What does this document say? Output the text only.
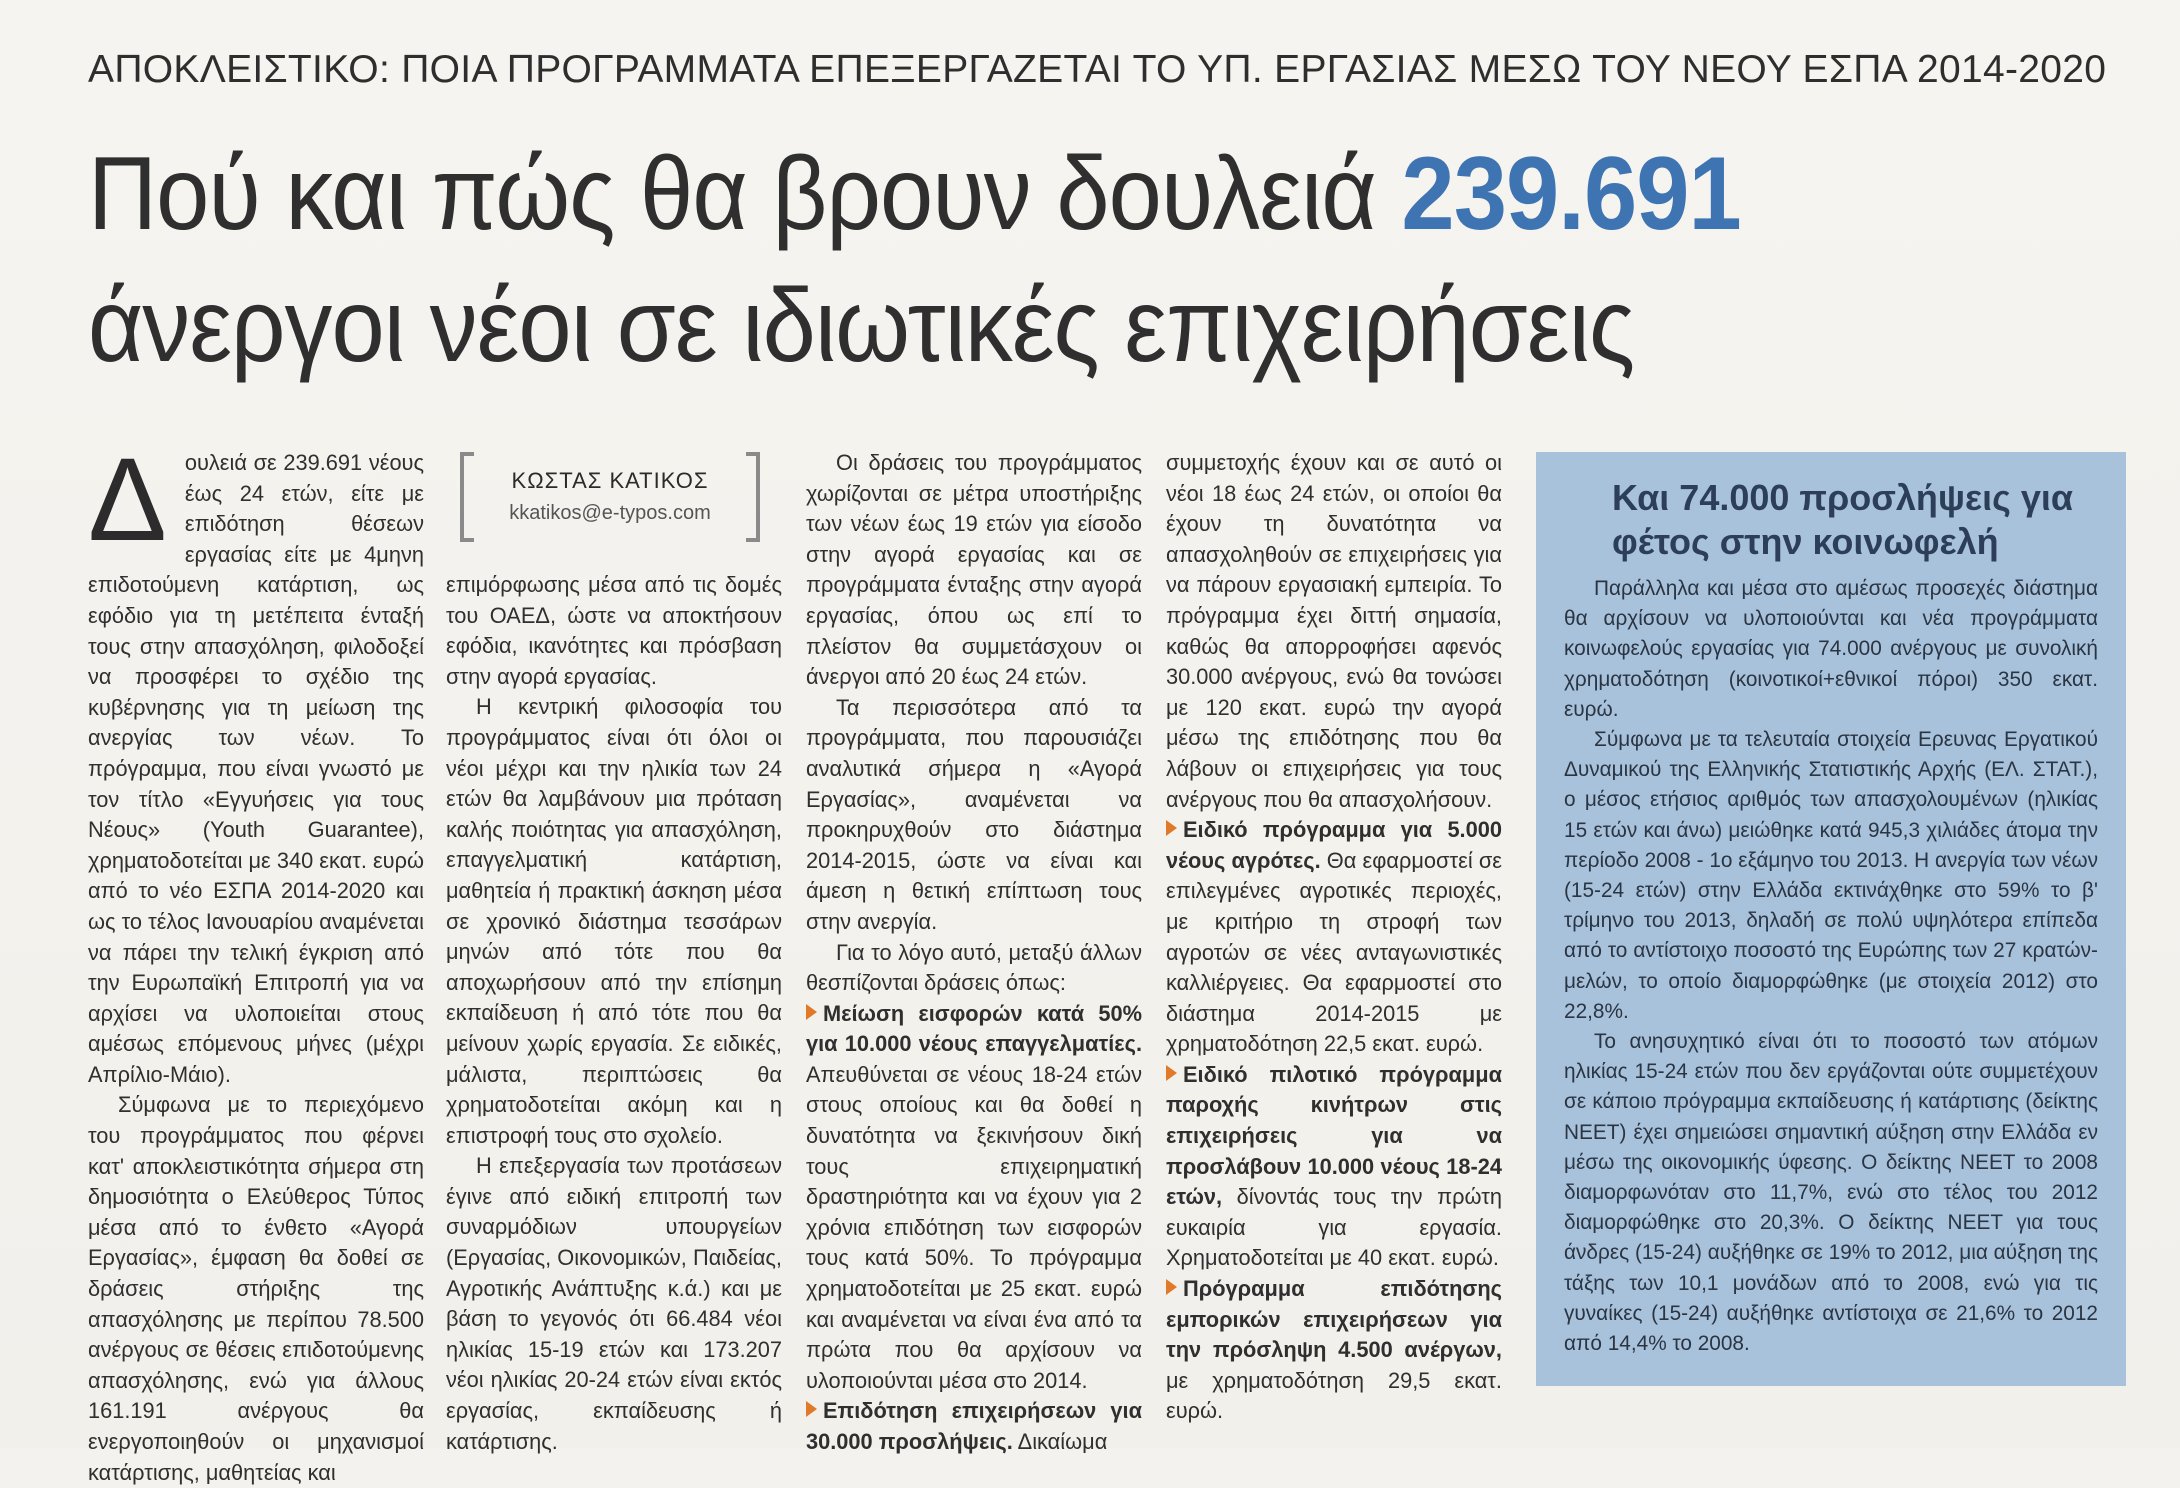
ΑΠΟΚΛΕΙΣΤΙΚΟ: ΠΟΙΑ ΠΡΟΓΡΑΜΜΑΤΑ ΕΠΕΞΕΡΓΑΖΕΤΑΙ ΤΟ ΥΠ. ΕΡΓΑΣΙΑΣ ΜΕΣΩ ΤΟΥ ΝΕΟΥ ΕΣΠΑ 2014-2020
Πού και πώς θα βρουν δουλειά 239.691
άνεργοι νέοι σε ιδιωτικές επιχειρήσεις
ΚΩΣΤΑΣ ΚΑΤΙΚΟΣ
kkatikos@e-typos.com

Δουλειά σε 239.691 νέους έως 24 ετών, είτε με επιδότηση θέσεων εργασίας είτε με 4μηνη επιδοτούμενη κατάρτιση, ως εφόδιο για τη μετέπειτα ένταξή τους στην απασχόληση, φιλοδοξεί να προσφέρει το σχέδιο της κυβέρνησης για τη μείωση της ανεργίας των νέων. Το πρόγραμμα, που είναι γνωστό με τον τίτλο «Εγγυήσεις για τους Νέους» (Youth Guarantee), χρηματοδοτείται με 340 εκατ. ευρώ από το νέο ΕΣΠΑ 2014-2020 και ως το τέλος Ιανουαρίου αναμένεται να πάρει την τελική έγκριση από την Ευρωπαϊκή Επιτροπή για να αρχίσει να υλοποιείται στους αμέσως επόμενους μήνες (μέχρι Απρίλιο-Μάιο).

Σύμφωνα με το περιεχόμενο του προγράμματος που φέρνει κατ' αποκλειστικότητα σήμερα στη δημοσιότητα ο Ελεύθερος Τύπος μέσα από το ένθετο «Αγορά Εργασίας», έμφαση θα δοθεί σε δράσεις στήριξης της απασχόλησης με περίπου 78.500 ανέργους σε θέσεις επιδοτούμενης απασχόλησης, ενώ για άλλους 161.191 ανέργους θα ενεργοποιηθούν οι μηχανισμοί κατάρτισης, μαθητείας και

επιμόρφωσης μέσα από τις δομές του ΟΑΕΔ, ώστε να αποκτήσουν εφόδια, ικανότητες και πρόσβαση στην αγορά εργασίας.

Η κεντρική φιλοσοφία του προγράμματος είναι ότι όλοι οι νέοι μέχρι και την ηλικία των 24 ετών θα λαμβάνουν μια πρόταση καλής ποιότητας για απασχόληση, επαγγελματική κατάρτιση, μαθητεία ή πρακτική άσκηση μέσα σε χρονικό διάστημα τεσσάρων μηνών από τότε που θα αποχωρήσουν από την επίσημη εκπαίδευση ή από τότε που θα μείνουν χωρίς εργασία. Σε ειδικές, μάλιστα, περιπτώσεις θα χρηματοδοτείται ακόμη και η επιστροφή τους στο σχολείο.

Η επεξεργασία των προτάσεων έγινε από ειδική επιτροπή των συναρμόδιων υπουργείων (Εργασίας, Οικονομικών, Παιδείας, Αγροτικής Ανάπτυξης κ.ά.) και με βάση το γεγονός ότι 66.484 νέοι ηλικίας 15-19 ετών και 173.207 νέοι ηλικίας 20-24 ετών είναι εκτός εργασίας, εκπαίδευσης ή κατάρτισης.

Οι δράσεις του προγράμματος χωρίζονται σε μέτρα υποστήριξης των νέων έως 19 ετών για είσοδο στην αγορά εργασίας και σε προγράμματα ένταξης στην αγορά εργασίας, όπου ως επί το πλείστον θα συμμετάσχουν οι άνεργοι από 20 έως 24 ετών.

Τα περισσότερα από τα προγράμματα, που παρουσιάζει αναλυτικά σήμερα η «Αγορά Εργασίας», αναμένεται να προκηρυχθούν στο διάστημα 2014-2015, ώστε να είναι και άμεση η θετική επίπτωση τους στην ανεργία.

Για το λόγο αυτό, μεταξύ άλλων θεσπίζονται δράσεις όπως:

Μείωση εισφορών κατά 50% για 10.000 νέους επαγγελματίες. Απευθύνεται σε νέους 18-24 ετών στους οποίους και θα δοθεί η δυνατότητα να ξεκινήσουν δική τους επιχειρηματική δραστηριότητα και να έχουν για 2 χρόνια επιδότηση των εισφορών τους κατά 50%. Το πρόγραμμα χρηματοδοτείται με 25 εκατ. ευρώ και αναμένεται να είναι ένα από τα πρώτα που θα αρχίσουν να υλοποιούνται μέσα στο 2014.

Επιδότηση επιχειρήσεων για 30.000 προσλήψεις. Δικαίωμα

συμμετοχής έχουν και σε αυτό οι νέοι 18 έως 24 ετών, οι οποίοι θα έχουν τη δυνατότητα να απασχοληθούν σε επιχειρήσεις για να πάρουν εργασιακή εμπειρία. Το πρόγραμμα έχει διττή σημασία, καθώς θα απορροφήσει αφενός 30.000 ανέργους, ενώ θα τονώσει με 120 εκατ. ευρώ την αγορά μέσω της επιδότησης που θα λάβουν οι επιχειρήσεις για τους ανέργους που θα απασχολήσουν.

Ειδικό πρόγραμμα για 5.000 νέους αγρότες. Θα εφαρμοστεί σε επιλεγμένες αγροτικές περιοχές, με κριτήριο τη στροφή των αγροτών σε νέες ανταγωνιστικές καλλιέργειες. Θα εφαρμοστεί στο διάστημα 2014-2015 με χρηματοδότηση 22,5 εκατ. ευρώ.

Ειδικό πιλοτικό πρόγραμμα παροχής κινήτρων στις επιχειρήσεις για να προσλάβουν 10.000 νέους 18-24 ετών, δίνοντάς τους την πρώτη ευκαιρία για εργασία. Χρηματοδοτείται με 40 εκατ. ευρώ.

Πρόγραμμα επιδότησης εμπορικών επιχειρήσεων για την πρόσληψη 4.500 ανέργων, με χρηματοδότηση 29,5 εκατ. ευρώ.

Και 74.000 προσλήψεις για φέτος στην κοινωφελή

Παράλληλα και μέσα στο αμέσως προσεχές διάστημα θα αρχίσουν να υλοποιούνται και νέα προγράμματα κοινωφελούς εργασίας για 74.000 ανέργους με συνολική χρηματοδότηση (κοινοτικοί+εθνικοί πόροι) 350 εκατ. ευρώ.

Σύμφωνα με τα τελευταία στοιχεία Ερευνας Εργατικού Δυναμικού της Ελληνικής Στατιστικής Αρχής (ΕΛ. ΣΤΑΤ.), ο μέσος ετήσιος αριθμός των απασχολουμένων (ηλικίας 15 ετών και άνω) μειώθηκε κατά 945,3 χιλιάδες άτομα την περίοδο 2008 - 1ο εξάμηνο του 2013. Η ανεργία των νέων (15-24 ετών) στην Ελλάδα εκτινάχθηκε στο 59% το β' τρίμηνο του 2013, δηλαδή σε πολύ υψηλότερα επίπεδα από το αντίστοιχο ποσοστό της Ευρώπης των 27 κρατών-μελών, το οποίο διαμορφώθηκε (με στοιχεία 2012) στο 22,8%.

Το ανησυχητικό είναι ότι το ποσοστό των ατόμων ηλικίας 15-24 ετών που δεν εργάζονται ούτε συμμετέχουν σε κάποιο πρόγραμμα εκπαίδευσης ή κατάρτισης (δείκτης NEET) έχει σημειώσει σημαντική αύξηση στην Ελλάδα εν μέσω της οικονομικής ύφεσης. Ο δείκτης NEET το 2008 διαμορφωνόταν στο 11,7%, ενώ στο τέλος του 2012 διαμορφώθηκε στο 20,3%. Ο δείκτης NEET για τους άνδρες (15-24) αυξήθηκε σε 19% το 2012, μια αύξηση της τάξης των 10,1 μονάδων από το 2008, ενώ για τις γυναίκες (15-24) αυξήθηκε αντίστοιχα σε 21,6% το 2012 από 14,4% το 2008.
